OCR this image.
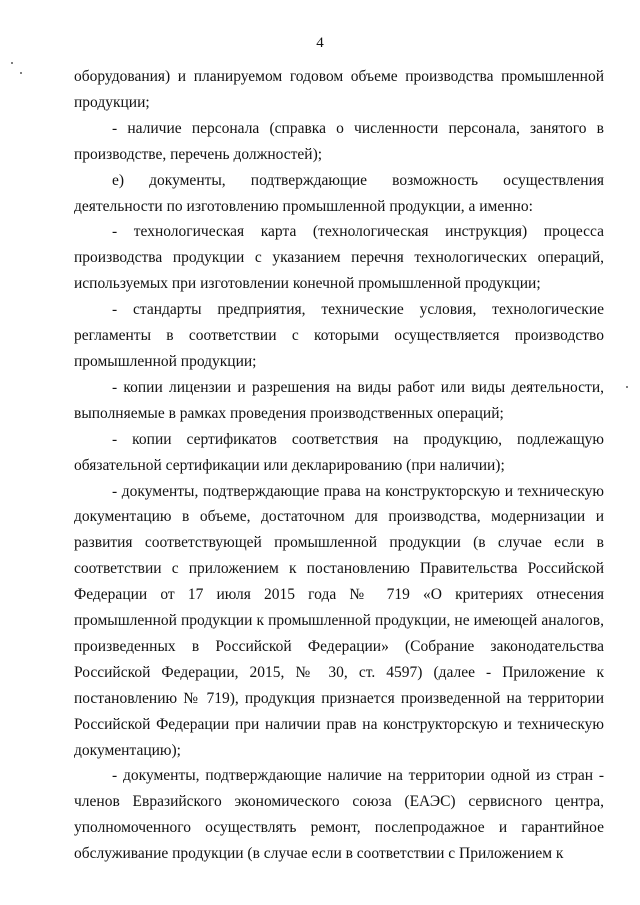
4

оборудования) и планируемом годовом объеме производства промышленной продукции;

- наличие персонала (справка о численности персонала, занятого в производстве, перечень должностей);

е) документы, подтверждающие возможность осуществления деятельности по изготовлению промышленной продукции, а именно:

- технологическая карта (технологическая инструкция) процесса производства продукции с указанием перечня технологических операций, используемых при изготовлении конечной промышленной продукции;

- стандарты предприятия, технические условия, технологические регламенты в соответствии с которыми осуществляется производство промышленной продукции;

- копии лицензии и разрешения на виды работ или виды деятельности, выполняемые в рамках проведения производственных операций;

- копии сертификатов соответствия на продукцию, подлежащую обязательной сертификации или декларированию (при наличии);

- документы, подтверждающие права на конструкторскую и техническую документацию в объеме, достаточном для производства, модернизации и развития соответствующей промышленной продукции (в случае если в соответствии с приложением к постановлению Правительства Российской Федерации от 17 июля 2015 года № 719 «О критериях отнесения промышленной продукции к промышленной продукции, не имеющей аналогов, произведенных в Российской Федерации» (Собрание законодательства Российской Федерации, 2015, № 30, ст. 4597) (далее - Приложение к постановлению № 719), продукция признается произведенной на территории Российской Федерации при наличии прав на конструкторскую и техническую документацию);

- документы, подтверждающие наличие на территории одной из стран - членов Евразийского экономического союза (ЕАЭС) сервисного центра, уполномоченного осуществлять ремонт, послепродажное и гарантийное обслуживание продукции (в случае если в соответствии с Приложением к
